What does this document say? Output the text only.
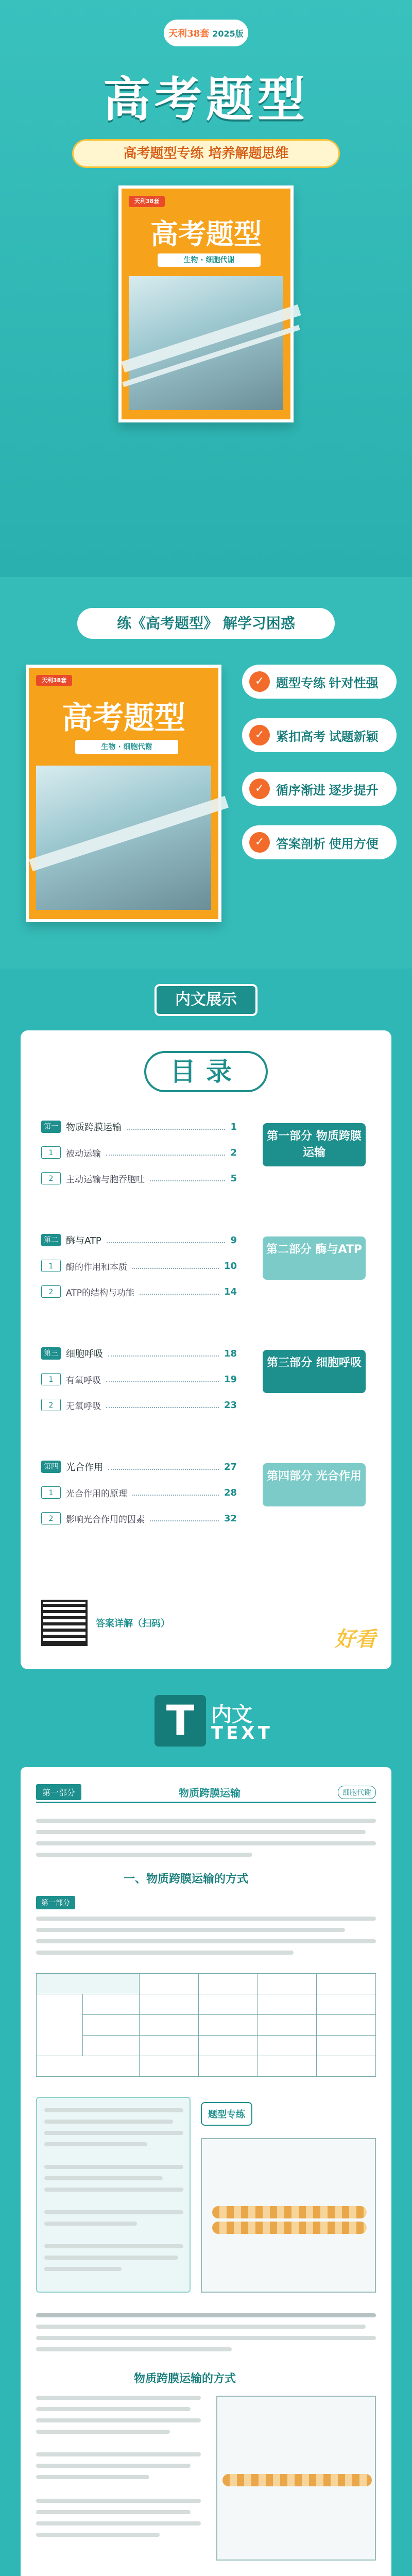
天利38套 2025版
高考题型
高考题型专练 培养解题思维
天利38套
高考题型
生物 · 细胞代谢
练《高考题型》 解学习困惑
天利38套
高考题型
生物 · 细胞代谢
✓ 题型专练 针对性强
✓ 紧扣高考 试题新颖
✓ 循序渐进 逐步提升
✓ 答案剖析 使用方便
内文展示
目录
第一部分
物质跨膜运输	1
1	被动运输	2
2	主动运输与胞吞胞吐	5
第二部分
酶与ATP	9
1	酶的作用和本质	10
2	ATP的结构与功能	14
第三部分
细胞呼吸	18
1	有氧呼吸	19
2	无氧呼吸	23
第四部分
光合作用	27
1	光合作用的原理	28
2	影响光合作用的因素	32
第一部分 物质跨膜运输
第二部分 酶与ATP
第三部分 细胞呼吸
第四部分 光合作用
答案详解（扫码）
好看
T 内文
TEXT
第一部分	物质跨膜运输	细胞代谢
一、物质跨膜运输的方式
第一部分

题型专练
物质跨膜运输的方式
